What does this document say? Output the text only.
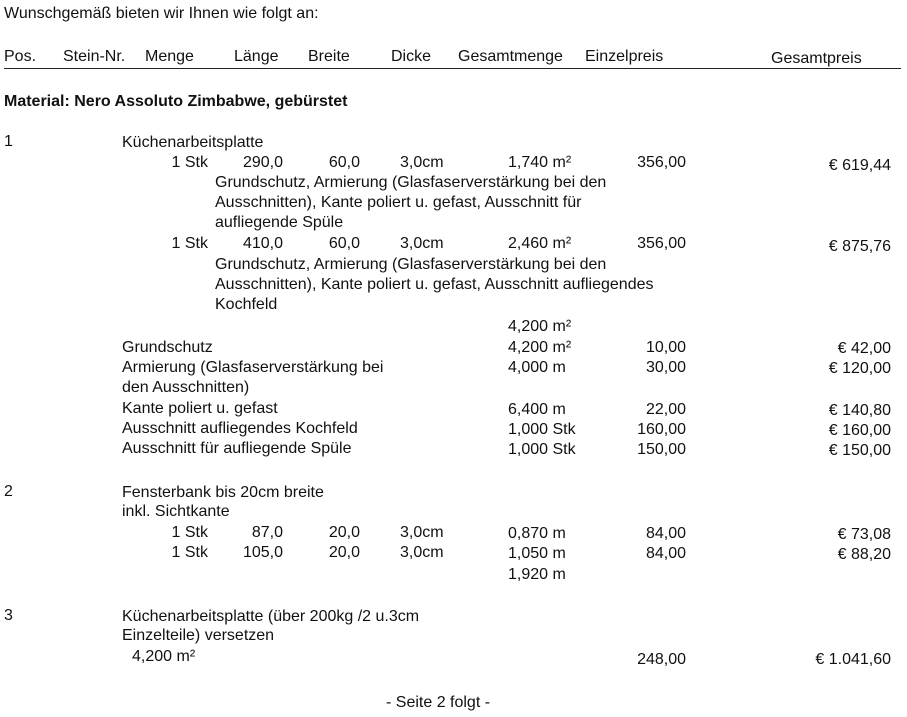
Wunschgemäß bieten wir Ihnen wie folgt an:
Pos. Stein-Nr. Menge	Länge Breite	Dicke Gesamtmenge Einzelpreis	Gesamtpreis
Material: Nero Assoluto Zimbabwe, gebürstet
1	Küchenarbeitsplatte
1 Stk	290,0	60,0	3,0cm	1,740 m²	356,00	€ 619,44
Grundschutz, Armierung (Glasfaserverstärkung bei den
Ausschnitten), Kante poliert u. gefast, Ausschnitt für
aufliegende Spüle
1 Stk	410,0	60,0	3,0cm	2,460 m²	356,00	€ 875,76
Grundschutz, Armierung (Glasfaserverstärkung bei den
Ausschnitten), Kante poliert u. gefast, Ausschnitt aufliegendes
Kochfeld
4,200 m²
Grundschutz	4,200 m²	10,00	€ 42,00
Armierung (Glasfaserverstärkung bei
den Ausschnitten)
4,000 m	30,00	€ 120,00
Kante poliert u. gefast	6,400 m	22,00	€ 140,80
Ausschnitt aufliegendes Kochfeld	1,000 Stk	160,00	€ 160,00
Ausschnitt für aufliegende Spüle	1,000 Stk	150,00	€ 150,00
2	Fensterbank bis 20cm breite
inkl. Sichtkante
1 Stk	87,0	20,0	3,0cm	0,870 m	84,00	€ 73,08
1 Stk	105,0	20,0	3,0cm	1,050 m	84,00	€ 88,20
1,920 m
3	Küchenarbeitsplatte (über 200kg /2 u.3cm
Einzelteile) versetzen
4,200 m²	248,00	€ 1.041,60
- Seite 2 folgt -
